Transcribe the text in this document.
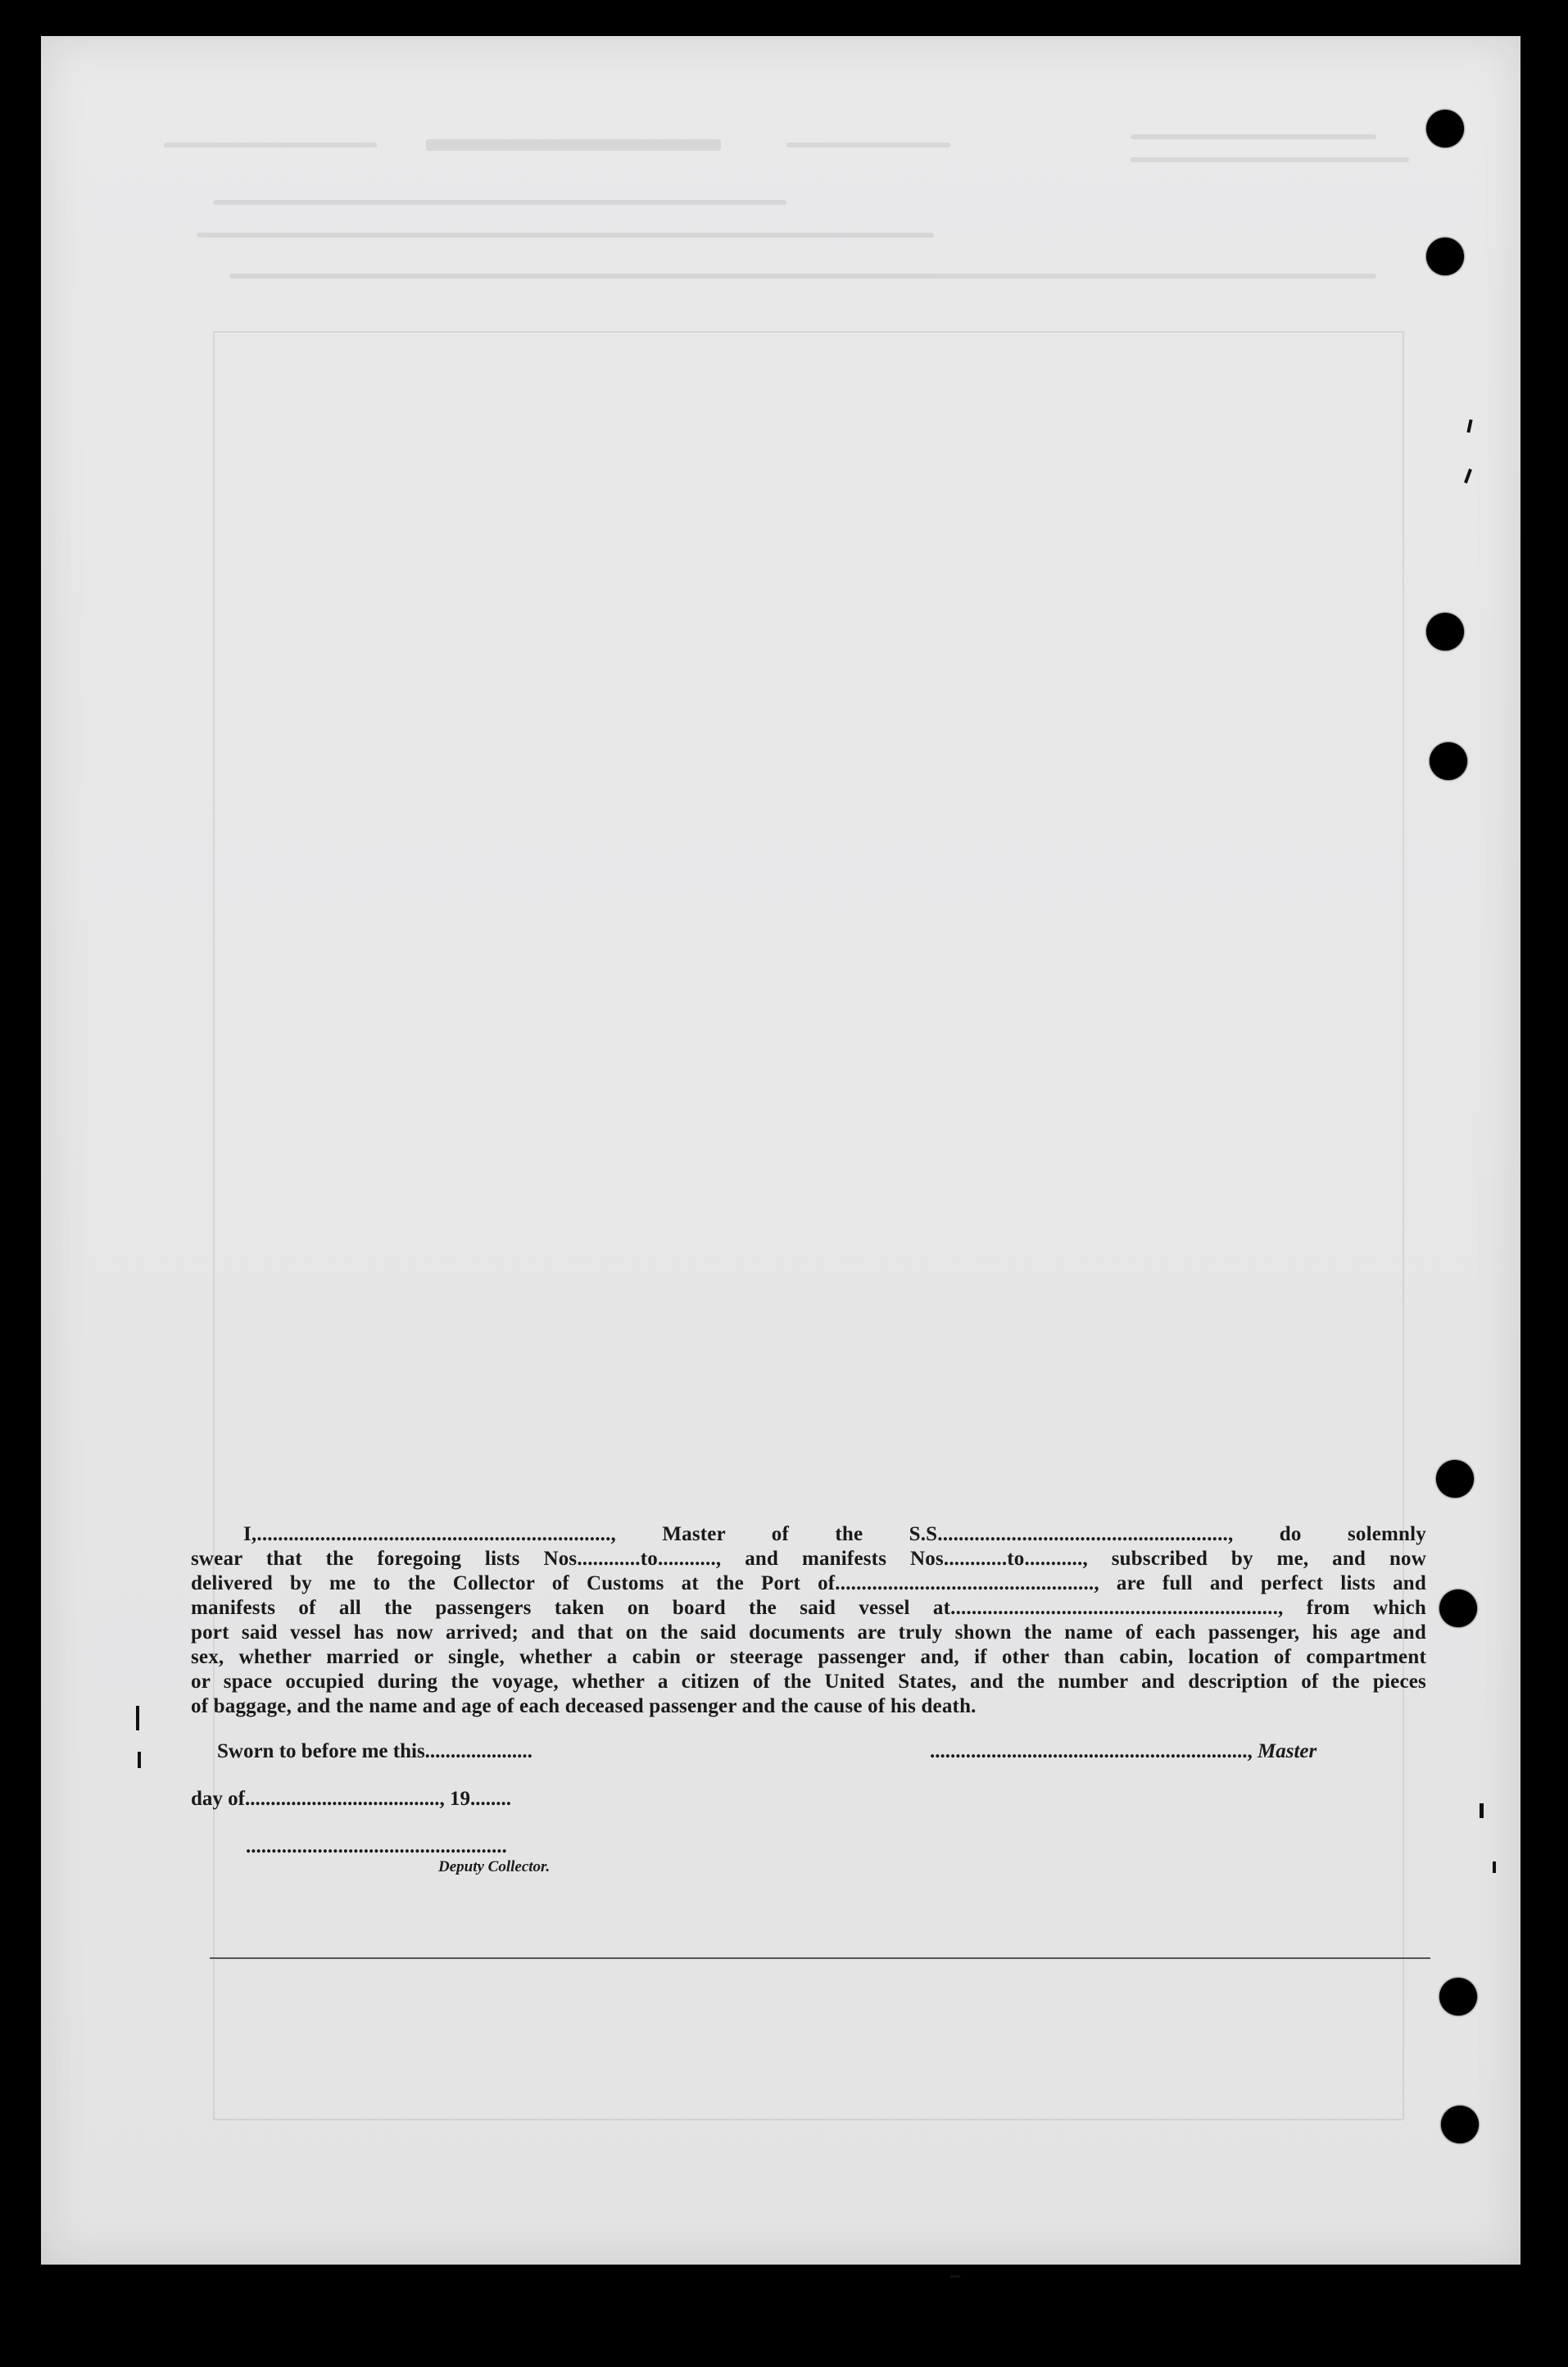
I,..................................................................., Master of the S.S......................................................., do solemnly

swear that the foregoing lists Nos............to..........., and manifests Nos............to..........., subscribed by me, and now

delivered by me to the Collector of Customs at the Port of................................................., are full and perfect lists and

manifests of all the passengers taken on board the said vessel at.............................................................., from which

port said vessel has now arrived; and that on the said documents are truly shown the name of each passenger, his age and

sex, whether married or single, whether a cabin or steerage passenger and, if other than cabin, location of compartment

or space occupied during the voyage, whether a citizen of the United States, and the number and description of the pieces

of baggage, and the name and age of each deceased passenger and the cause of his death.

Sworn to before me this.....................	.............................................................., Master
day of......................................, 19........
...................................................
Deputy Collector.
